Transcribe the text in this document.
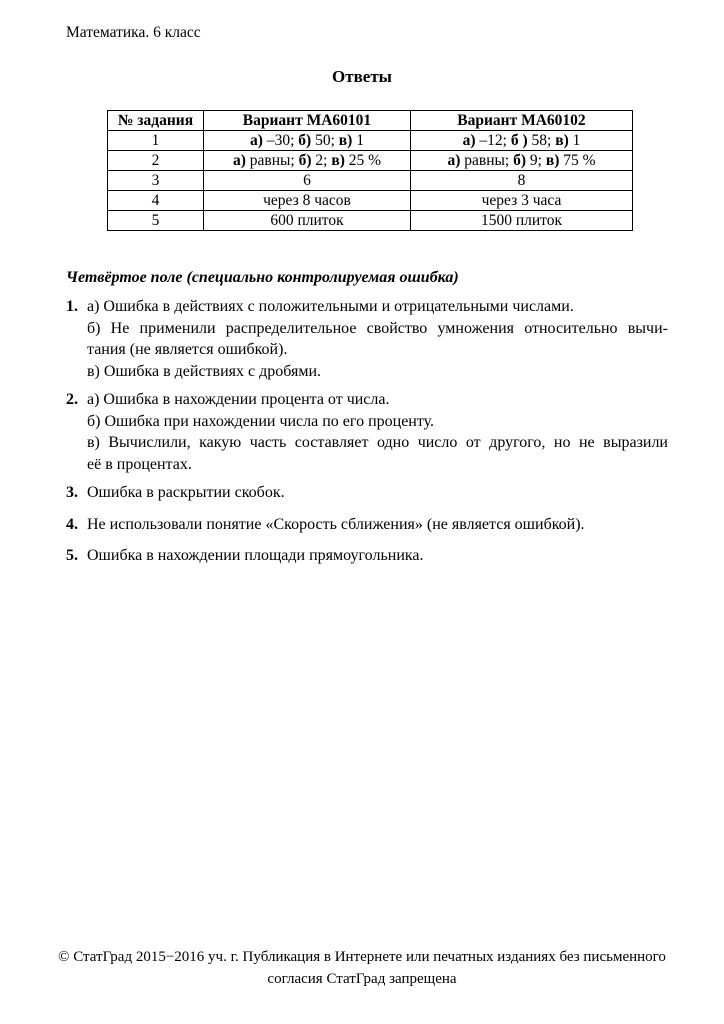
Математика. 6 класс
Ответы
№ задания	Вариант МА60101	Вариант МА60102
1	а) –30; б) 50; в) 1	а) –12; б ) 58; в) 1
2	а) равны; б) 2; в) 25 %	а) равны; б) 9; в) 75 %
3	6	8
4	через 8 часов	через 3 часа
5	600 плиток	1500 плиток
Четвёртое поле (специально контролируемая ошибка)
1. а) Ошибка в действиях с положительными и отрицательными числами.
б) Не применили распределительное свойство умножения относительно вычи-
тания (не является ошибкой).
в) Ошибка в действиях с дробями.
2. а) Ошибка в нахождении процента от числа.
б) Ошибка при нахождении числа по его проценту.
в) Вычислили, какую часть составляет одно число от другого, но не выразили
её в процентах.
3. Ошибка в раскрытии скобок.
4. Не использовали понятие «Скорость сближения» (не является ошибкой).
5. Ошибка в нахождении площади прямоугольника.
© СтатГрад 2015−2016 уч. г. Публикация в Интернете или печатных изданиях без письменного
согласия СтатГрад запрещена
